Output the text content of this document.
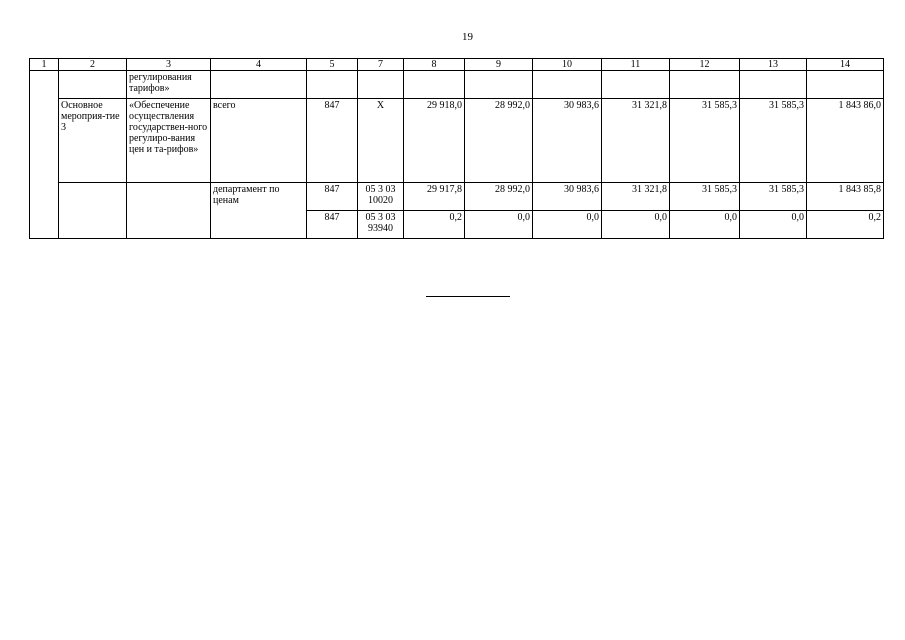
19
1	2	3	4	5	7	8	9	10	11	12	13	14
		регулирования тарифов»										
	Основное мероприя-тие 3	«Обеспечение осуществления государствен-ного регулиро-вания цен и та-рифов»	всего	847	Х	29 918,0	28 992,0	30 983,6	31 321,8	31 585,3	31 585,3	1 843 86,0
			департамент по ценам	847	05 3 03 10020	29 917,8	28 992,0	30 983,6	31 321,8	31 585,3	31 585,3	1 843 85,8
				847	05 3 03 93940	0,2	0,0	0,0	0,0	0,0	0,0	0,2
